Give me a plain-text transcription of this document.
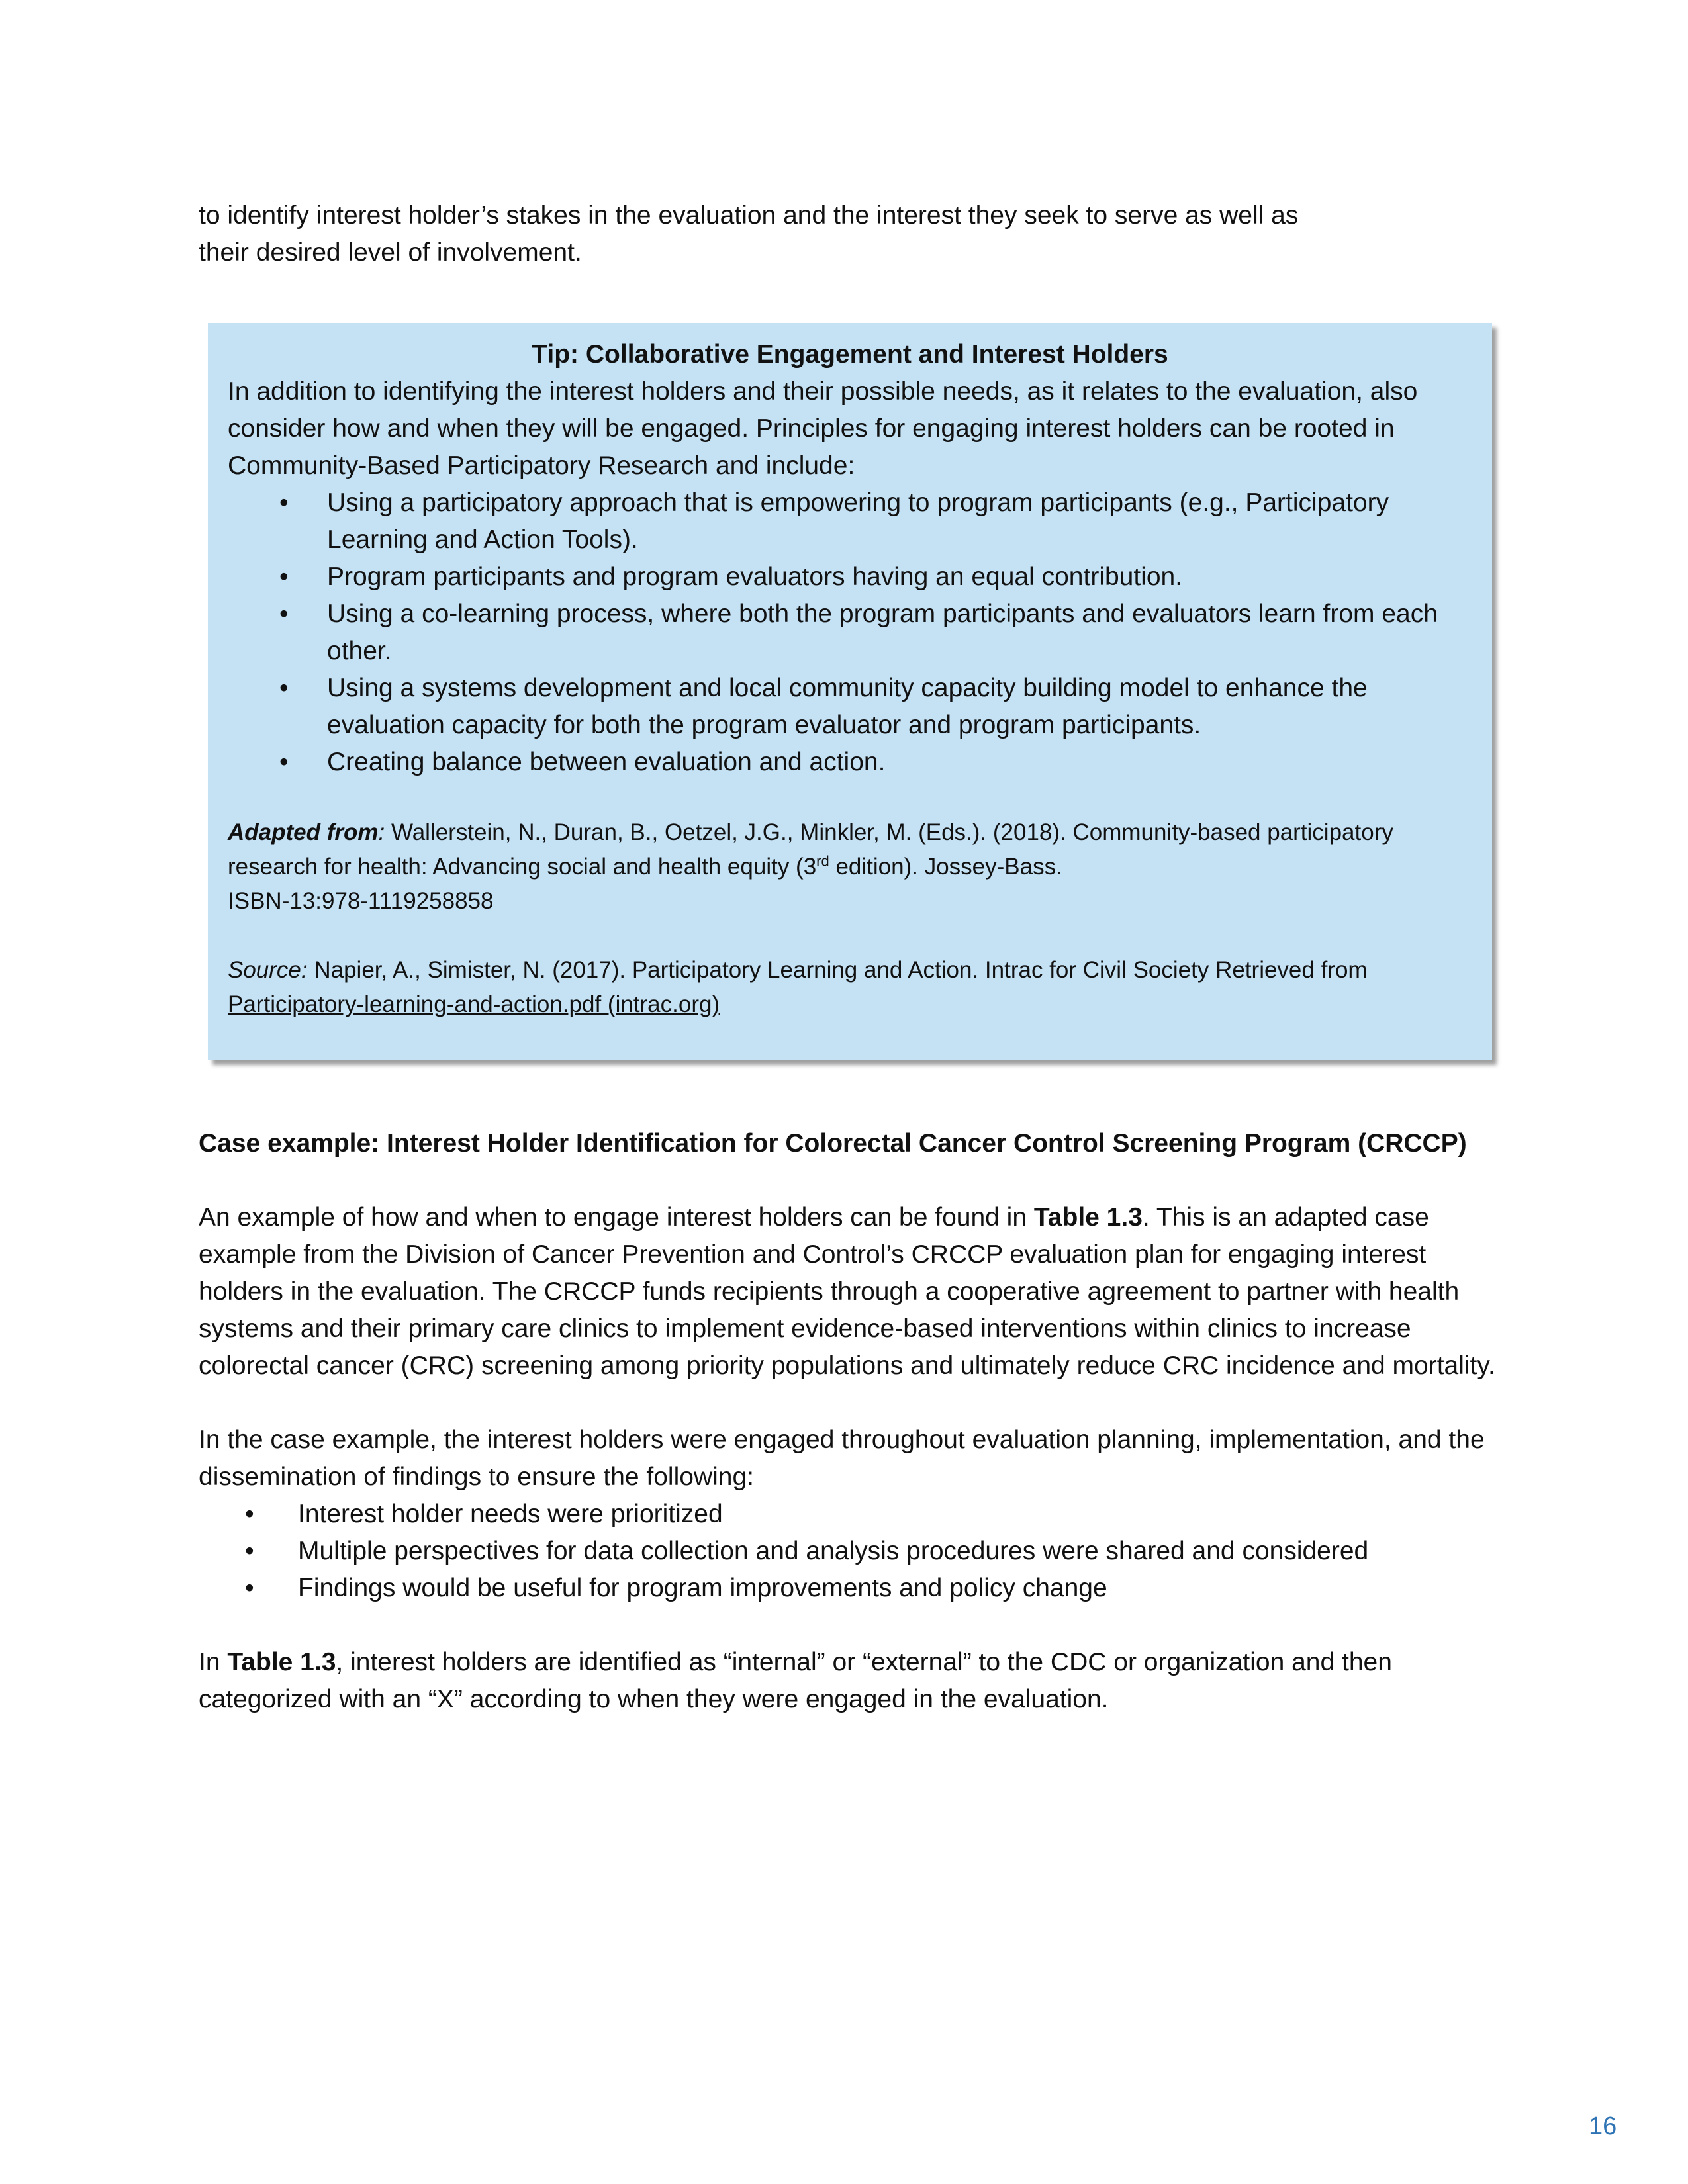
to identify interest holder’s stakes in the evaluation and the interest they seek to serve as well as
their desired level of involvement.

Tip: Collaborative Engagement and Interest Holders

In addition to identifying the interest holders and their possible needs, as it relates to the evaluation, also consider how and when they will be engaged. Principles for engaging interest holders can be rooted in Community-Based Participatory Research and include:

• Using a participatory approach that is empowering to program participants (e.g., Participatory Learning and Action Tools).
• Program participants and program evaluators having an equal contribution.
• Using a co-learning process, where both the program participants and evaluators learn from each other.
• Using a systems development and local community capacity building model to enhance the evaluation capacity for both the program evaluator and program participants.
• Creating balance between evaluation and action.

Adapted from: Wallerstein, N., Duran, B., Oetzel, J.G., Minkler, M. (Eds.). (2018). Community-based participatory research for health: Advancing social and health equity (3rd edition). Jossey-Bass.
ISBN-13:978-1119258858

Source: Napier, A., Simister, N. (2017). Participatory Learning and Action. Intrac for Civil Society Retrieved from
Participatory-learning-and-action.pdf (intrac.org)

Case example: Interest Holder Identification for Colorectal Cancer Control Screening Program (CRCCP)

An example of how and when to engage interest holders can be found in Table 1.3. This is an adapted case example from the Division of Cancer Prevention and Control’s CRCCP evaluation plan for engaging interest holders in the evaluation. The CRCCP funds recipients through a cooperative agreement to partner with health systems and their primary care clinics to implement evidence-based interventions within clinics to increase colorectal cancer (CRC) screening among priority populations and ultimately reduce CRC incidence and mortality.

In the case example, the interest holders were engaged throughout evaluation planning, implementation, and the dissemination of findings to ensure the following:

• Interest holder needs were prioritized
• Multiple perspectives for data collection and analysis procedures were shared and considered
• Findings would be useful for program improvements and policy change

In Table 1.3, interest holders are identified as “internal” or “external” to the CDC or organization and then categorized with an “X” according to when they were engaged in the evaluation.

16
